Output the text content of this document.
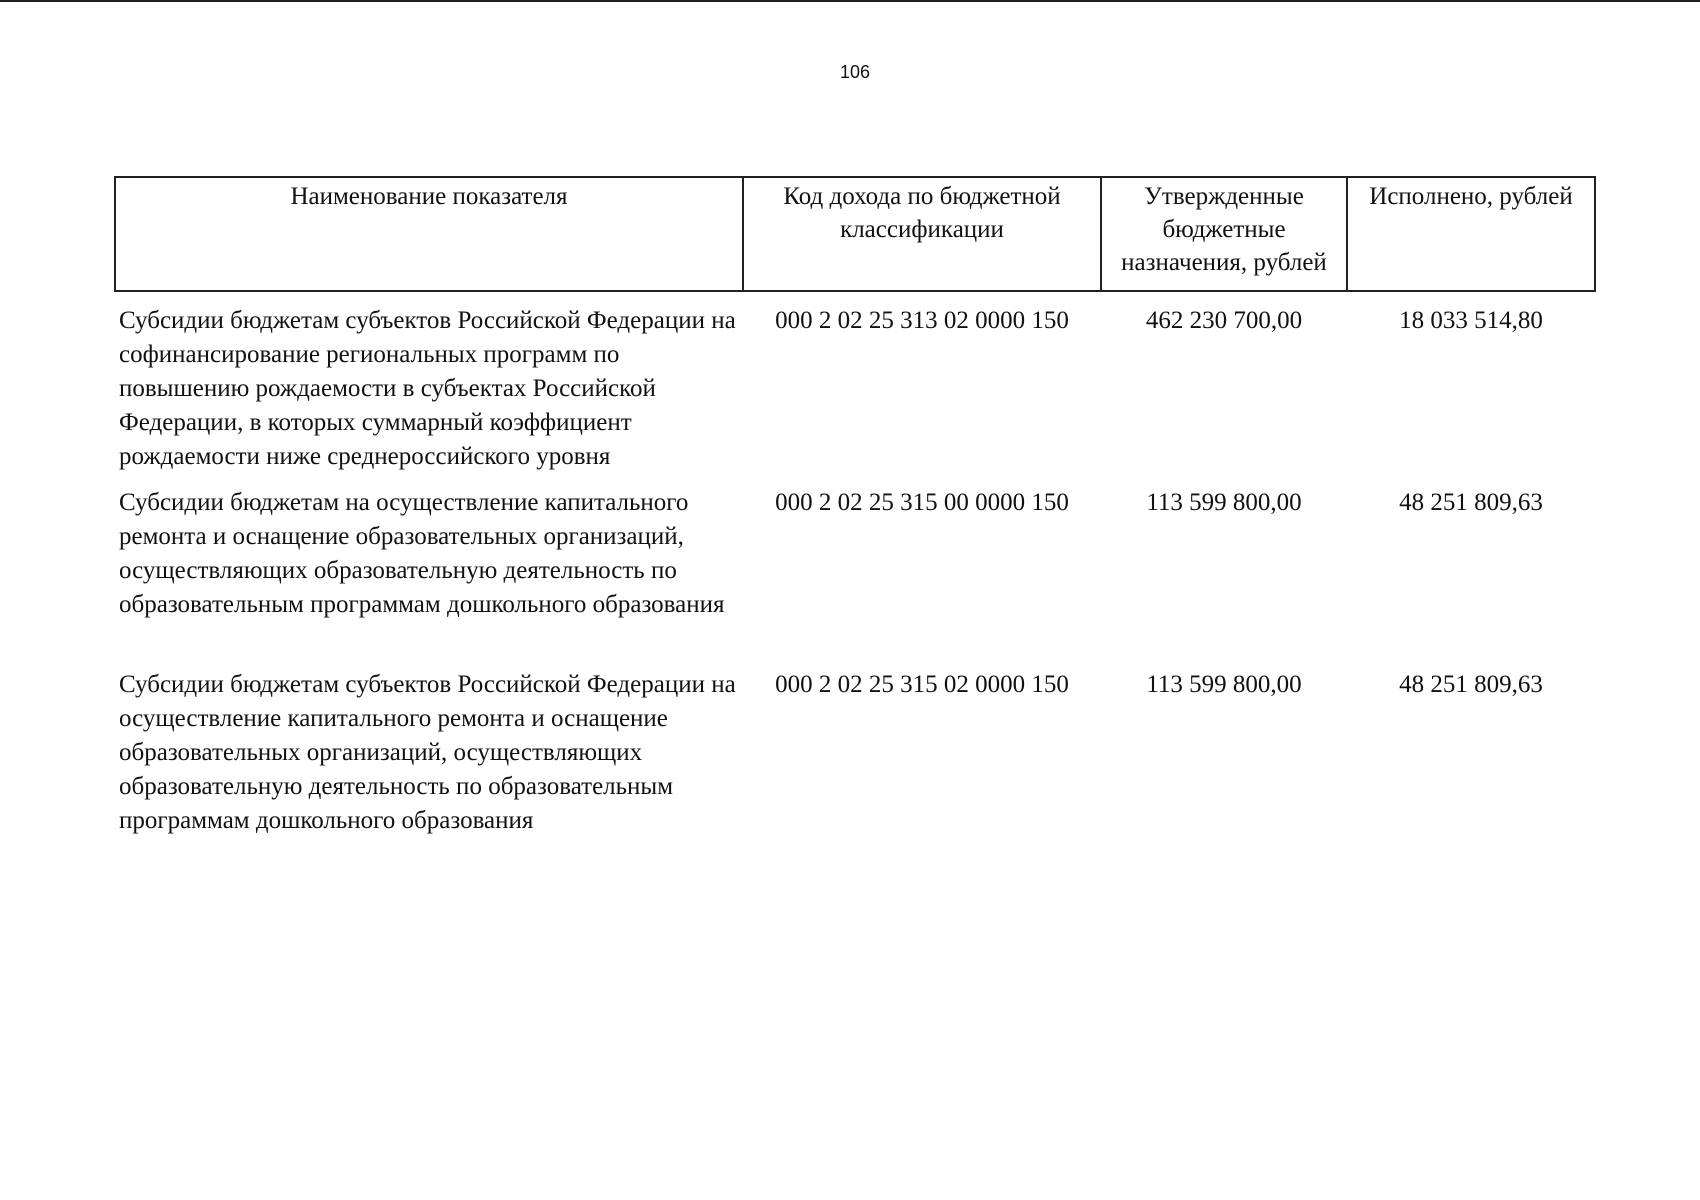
106
Наименование показателя	Код дохода по бюджетной классификации	Утвержденные бюджетные назначения, рублей	Исполнено, рублей
Субсидии бюджетам субъектов Российской Федерации на софинансирование региональных программ по повышению рождаемости в субъектах Российской Федерации, в которых суммарный коэффициент рождаемости ниже среднероссийского уровня	000 2 02 25 313 02 0000 150	462 230 700,00	18 033 514,80
Субсидии бюджетам на осуществление капитального ремонта и оснащение образовательных организаций, осуществляющих образовательную деятельность по образовательным программам дошкольного образования	000 2 02 25 315 00 0000 150	113 599 800,00	48 251 809,63
Субсидии бюджетам субъектов Российской Федерации на осуществление капитального ремонта и оснащение образовательных организаций, осуществляющих образовательную деятельность по образовательным программам дошкольного образования	000 2 02 25 315 02 0000 150	113 599 800,00	48 251 809,63
